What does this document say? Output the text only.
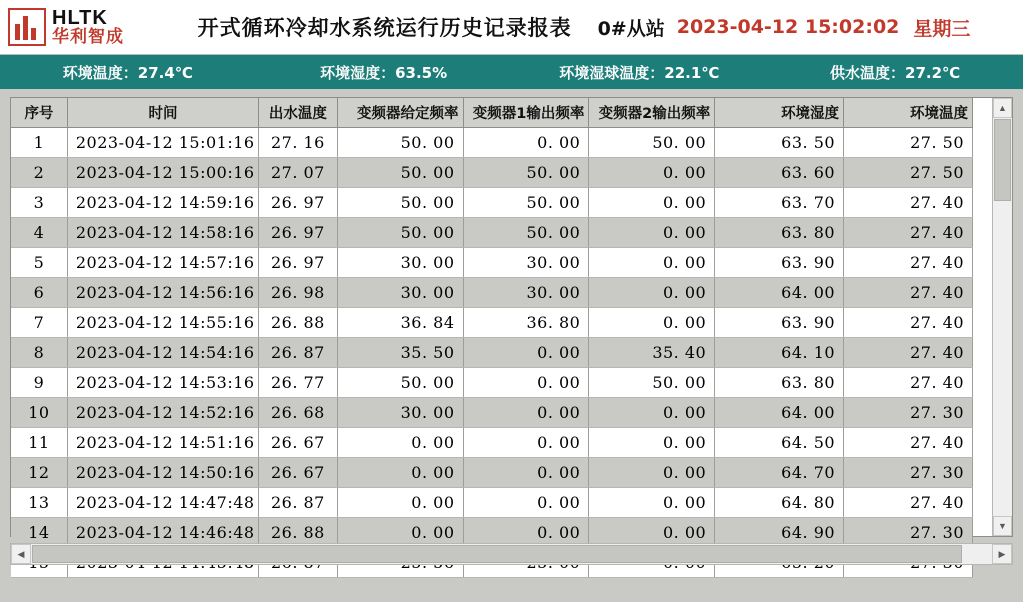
HLTK
华利智成	开式循环冷却水系统运行历史记录报表 0#从站 2023-04-12 15:02:02 星期三
环境温度：27.4℃	环境湿度：63.5%	环境湿球温度：22.1℃	供水温度：27.2℃
序号	时间	出水温度	变频器给定频率	变频器1输出频率	变频器2输出频率	环境湿度	环境温度
1	2023-04-12 15:01:16	27. 16	50. 00	0. 00	50. 00	63. 50	27. 50
2	2023-04-12 15:00:16	27. 07	50. 00	50. 00	0. 00	63. 60	27. 50
3	2023-04-12 14:59:16	26. 97	50. 00	50. 00	0. 00	63. 70	27. 40
4	2023-04-12 14:58:16	26. 97	50. 00	50. 00	0. 00	63. 80	27. 40
5	2023-04-12 14:57:16	26. 97	30. 00	30. 00	0. 00	63. 90	27. 40
6	2023-04-12 14:56:16	26. 98	30. 00	30. 00	0. 00	64. 00	27. 40
7	2023-04-12 14:55:16	26. 88	36. 84	36. 80	0. 00	63. 90	27. 40
8	2023-04-12 14:54:16	26. 87	35. 50	0. 00	35. 40	64. 10	27. 40
9	2023-04-12 14:53:16	26. 77	50. 00	0. 00	50. 00	63. 80	27. 40
10	2023-04-12 14:52:16	26. 68	30. 00	0. 00	0. 00	64. 00	27. 30
11	2023-04-12 14:51:16	26. 67	0. 00	0. 00	0. 00	64. 50	27. 40
12	2023-04-12 14:50:16	26. 67	0. 00	0. 00	0. 00	64. 70	27. 30
13	2023-04-12 14:47:48	26. 87	0. 00	0. 00	0. 00	64. 80	27. 40
14	2023-04-12 14:46:48	26. 88	0. 00	0. 00	0. 00	64. 90	27. 30

▲
▼
◀	▶
